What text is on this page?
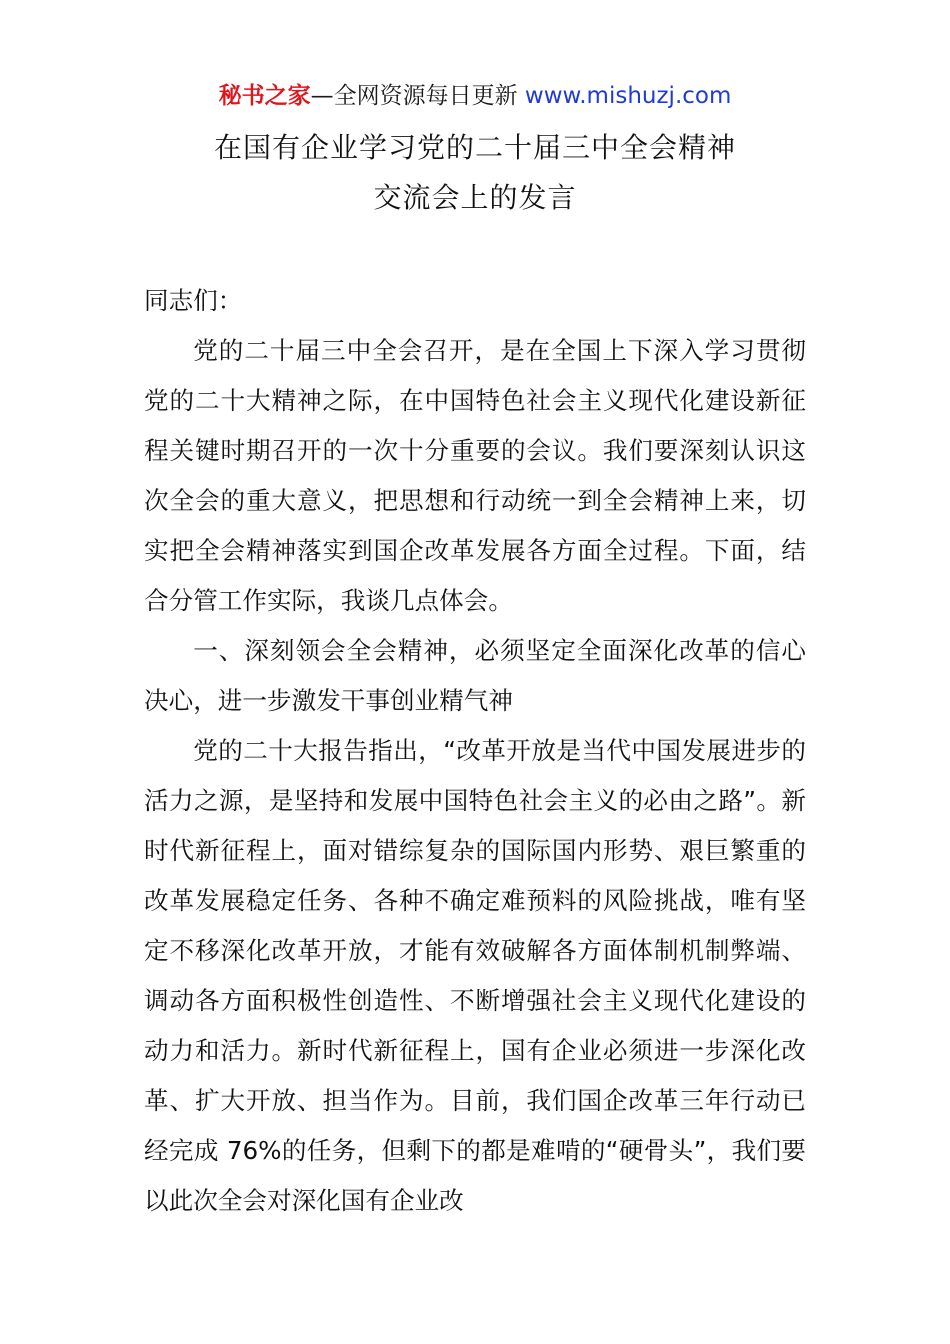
秘书之家—全网资源每日更新 www.mishuzj.com
在国有企业学习党的二十届三中全会精神
交流会上的发言

同志们：

党的二十届三中全会召开，是在全国上下深入学习贯彻党的二十大精神之际，在中国特色社会主义现代化建设新征程关键时期召开的一次十分重要的会议。我们要深刻认识这次全会的重大意义，把思想和行动统一到全会精神上来，切实把全会精神落实到国企改革发展各方面全过程。下面，结合分管工作实际，我谈几点体会。

一、深刻领会全会精神，必须坚定全面深化改革的信心决心，进一步激发干事创业精气神

党的二十大报告指出，“改革开放是当代中国发展进步的活力之源，是坚持和发展中国特色社会主义的必由之路”。新时代新征程上，面对错综复杂的国际国内形势、艰巨繁重的改革发展稳定任务、各种不确定难预料的风险挑战，唯有坚定不移深化改革开放，才能有效破解各方面体制机制弊端、调动各方面积极性创造性、不断增强社会主义现代化建设的动力和活力。新时代新征程上，国有企业必须进一步深化改革、扩大开放、担当作为。目前，我们国企改革三年行动已经完成 76%的任务，但剩下的都是难啃的“硬骨头”，我们要以此次全会对深化国有企业改
